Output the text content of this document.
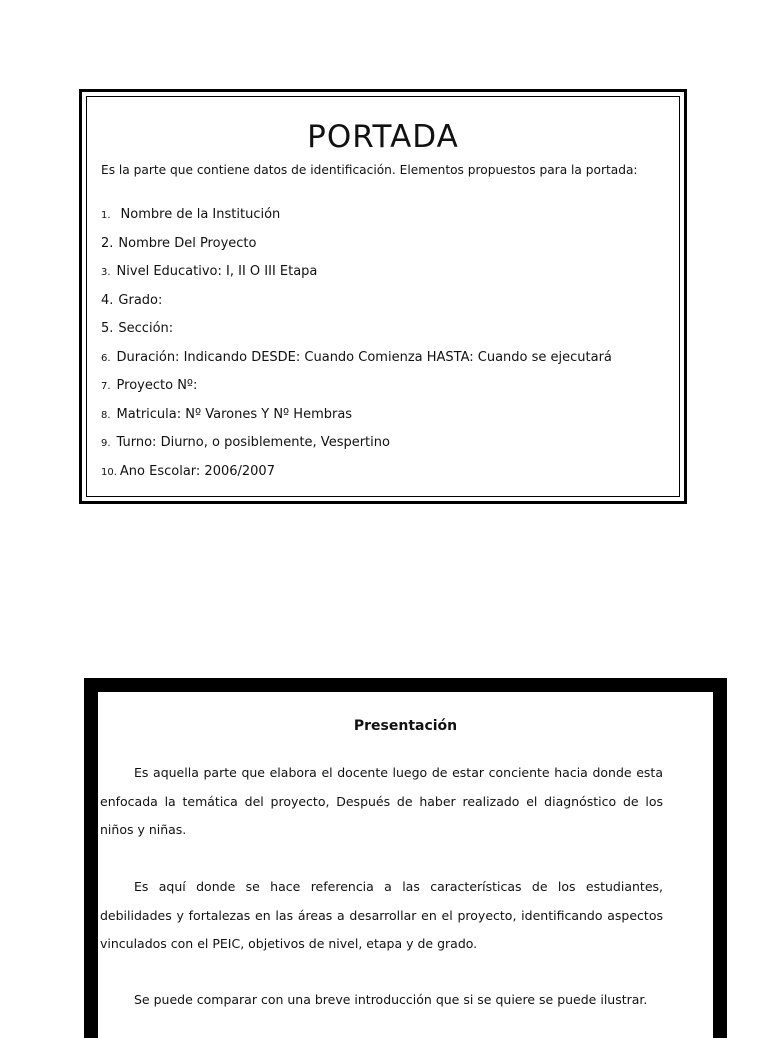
PORTADA
Es la parte que contiene datos de identificación. Elementos propuestos para la portada:
1. Nombre de la Institución
2. Nombre Del Proyecto
3. Nivel Educativo: I, II O III Etapa
4. Grado:
5. Sección:
6. Duración: Indicando DESDE: Cuando Comienza HASTA: Cuando se ejecutará
7. Proyecto Nº:
8. Matricula: Nº Varones Y Nº Hembras
9. Turno: Diurno, o posiblemente, Vespertino
10. Ano Escolar: 2006/2007
Presentación

Es aquella parte que elabora el docente luego de estar conciente hacia donde esta enfocada la temática del proyecto, Después de haber realizado el diagnóstico de los niños y niñas.

Es aquí donde se hace referencia a las características de los estudiantes, debilidades y fortalezas en las áreas a desarrollar en el proyecto, identificando aspectos vinculados con el PEIC, objetivos de nivel, etapa y de grado.

Se puede comparar con una breve introducción que si se quiere se puede ilustrar.
